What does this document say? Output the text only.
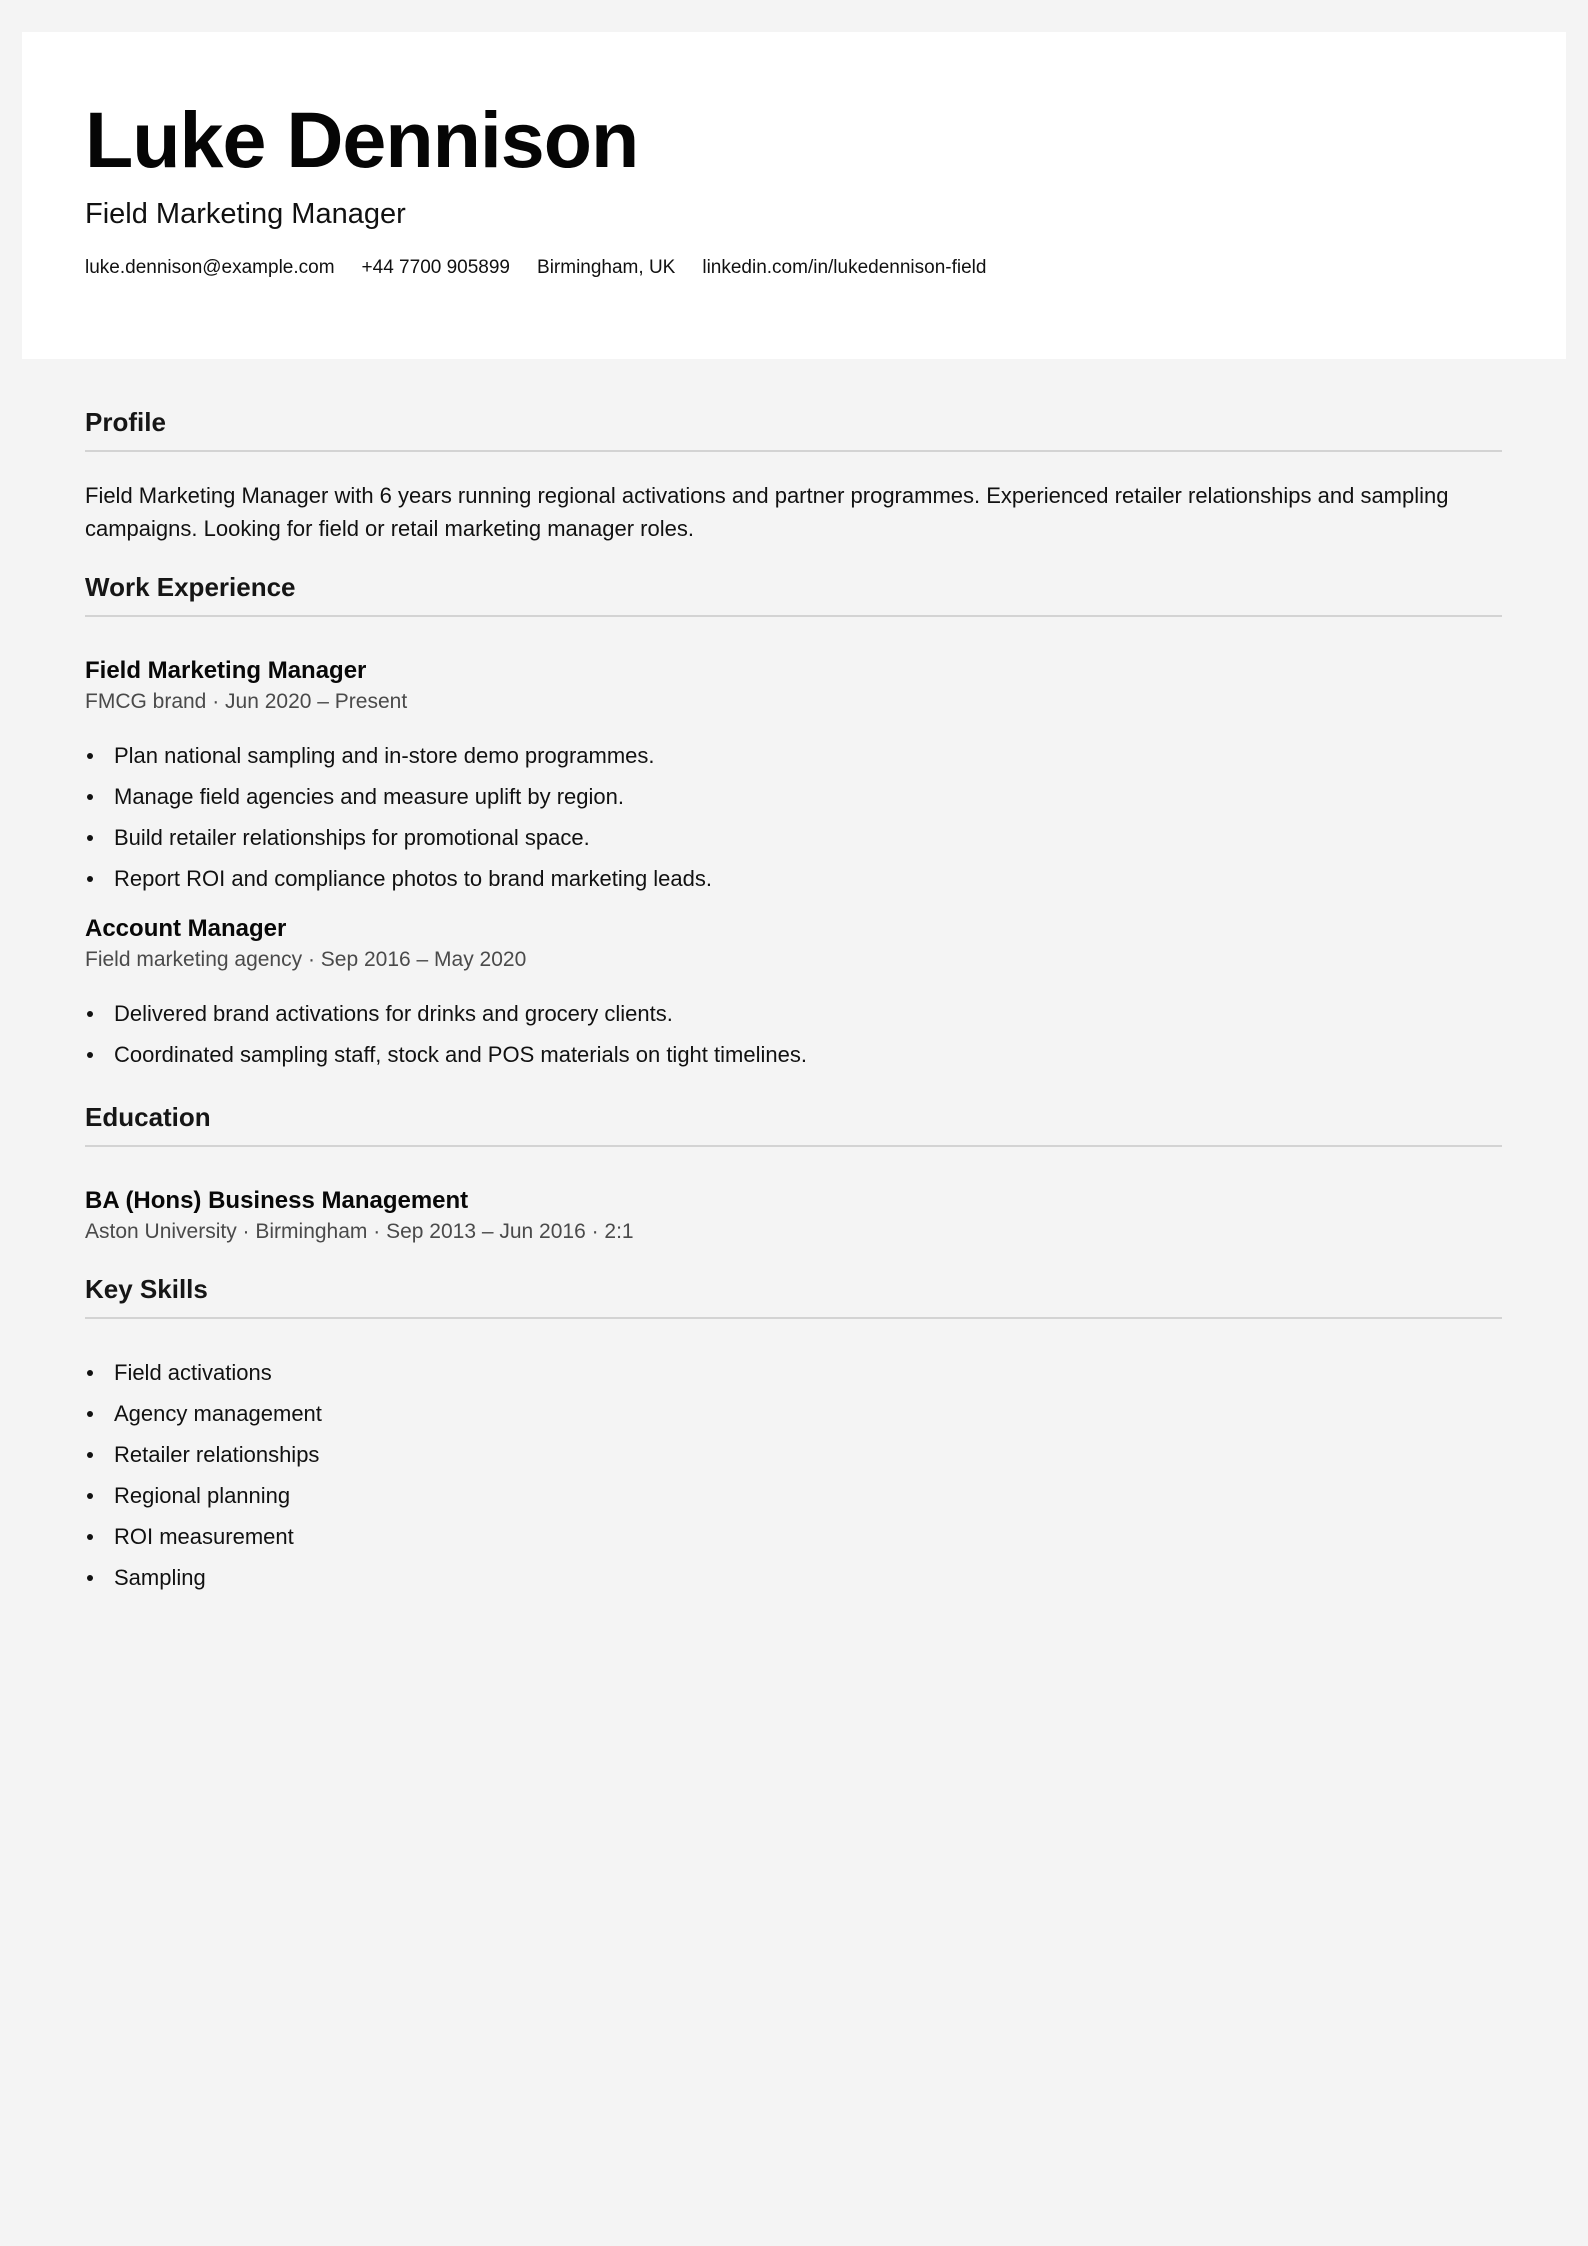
Luke Dennison

Field Marketing Manager

luke.dennison@example.com +44 7700 905899 Birmingham, UK linkedin.com/in/lukedennison-field
Profile

Field Marketing Manager with 6 years running regional activations and partner programmes. Experienced retailer relationships and sampling campaigns. Looking for field or retail marketing manager roles.

Work Experience
Field Marketing Manager

FMCG brand · Jun 2020 – Present

Plan national sampling and in-store demo programmes.
Manage field agencies and measure uplift by region.
Build retailer relationships for promotional space.
Report ROI and compliance photos to brand marketing leads.
Account Manager

Field marketing agency · Sep 2016 – May 2020

Delivered brand activations for drinks and grocery clients.
Coordinated sampling staff, stock and POS materials on tight timelines.
Education
BA (Hons) Business Management

Aston University · Birmingham · Sep 2013 – Jun 2016 · 2:1

Key Skills
Field activations
Agency management
Retailer relationships
Regional planning
ROI measurement
Sampling
